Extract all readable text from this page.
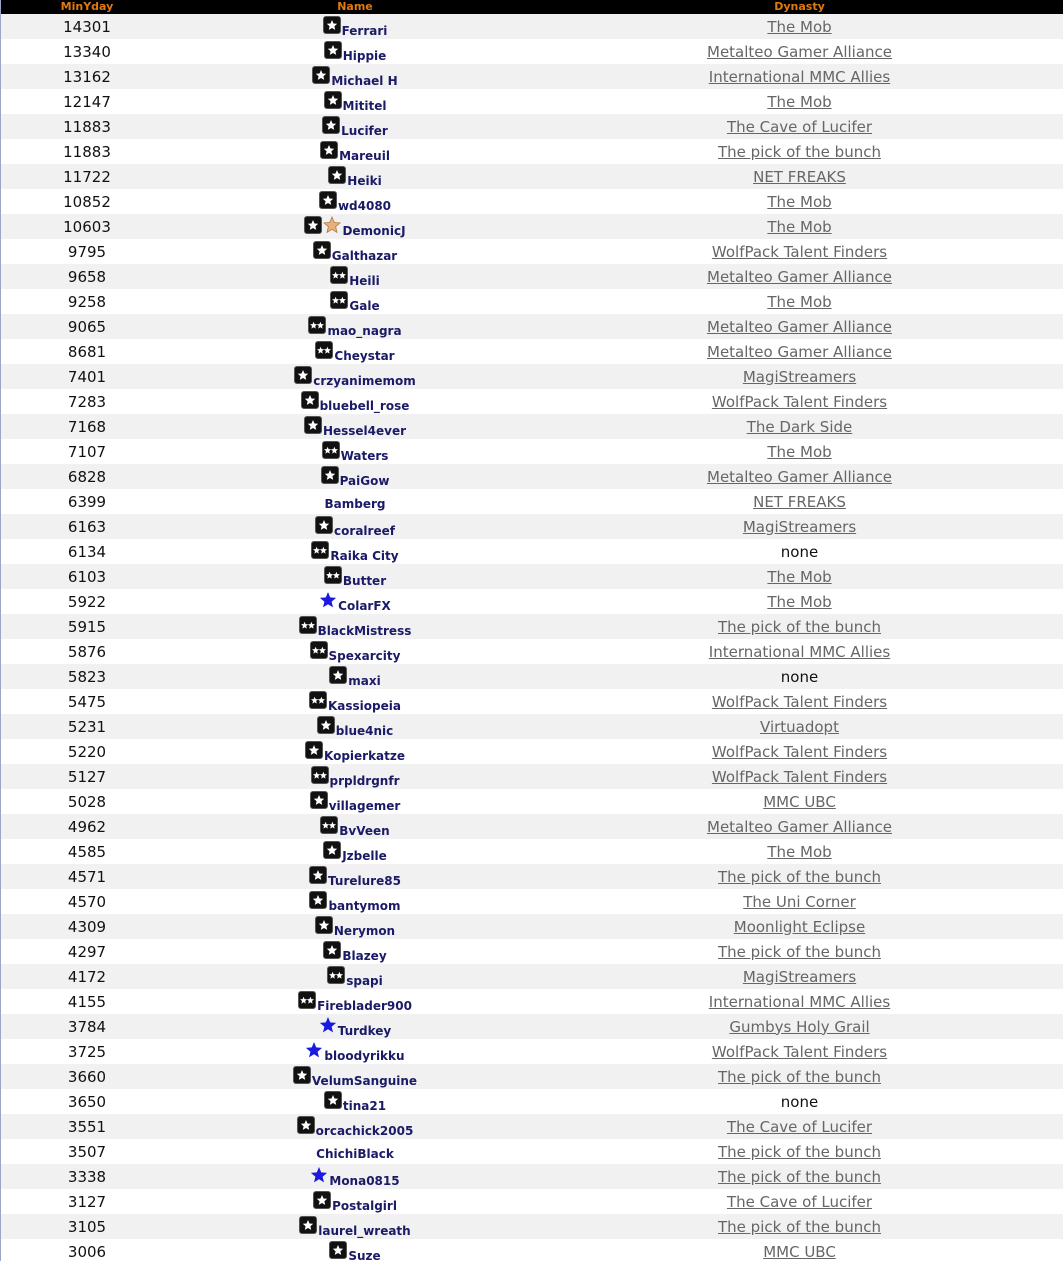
MinYday	Name	Dynasty
14301	Ferrari	The Mob
13340	Hippie	Metalteo Gamer Alliance
13162	Michael H	International MMC Allies
12147	Mititel	The Mob
11883	Lucifer	The Cave of Lucifer
11883	Mareuil	The pick of the bunch
11722	Heiki	NET FREAKS
10852	wd4080	The Mob
10603	DemonicJ	The Mob
9795	Galthazar	WolfPack Talent Finders
9658	Heili	Metalteo Gamer Alliance
9258	Gale	The Mob
9065	mao_nagra	Metalteo Gamer Alliance
8681	Cheystar	Metalteo Gamer Alliance
7401	crzyanimemom	MagiStreamers
7283	bluebell_rose	WolfPack Talent Finders
7168	Hessel4ever	The Dark Side
7107	Waters	The Mob
6828	PaiGow	Metalteo Gamer Alliance
6399	Bamberg	NET FREAKS
6163	coralreef	MagiStreamers
6134	Raika City	none
6103	Butter	The Mob
5922	ColarFX	The Mob
5915	BlackMistress	The pick of the bunch
5876	Spexarcity	International MMC Allies
5823	maxi	none
5475	Kassiopeia	WolfPack Talent Finders
5231	blue4nic	Virtuadopt
5220	Kopierkatze	WolfPack Talent Finders
5127	prpldrgnfr	WolfPack Talent Finders
5028	villagemer	MMC UBC
4962	BvVeen	Metalteo Gamer Alliance
4585	Jzbelle	The Mob
4571	Turelure85	The pick of the bunch
4570	bantymom	The Uni Corner
4309	Nerymon	Moonlight Eclipse
4297	Blazey	The pick of the bunch
4172	spapi	MagiStreamers
4155	Fireblader900	International MMC Allies
3784	Turdkey	Gumbys Holy Grail
3725	bloodyrikku	WolfPack Talent Finders
3660	VelumSanguine	The pick of the bunch
3650	tina21	none
3551	orcachick2005	The Cave of Lucifer
3507	ChichiBlack	The pick of the bunch
3338	Mona0815	The pick of the bunch
3127	Postalgirl	The Cave of Lucifer
3105	laurel_wreath	The pick of the bunch
3006	Suze	MMC UBC
